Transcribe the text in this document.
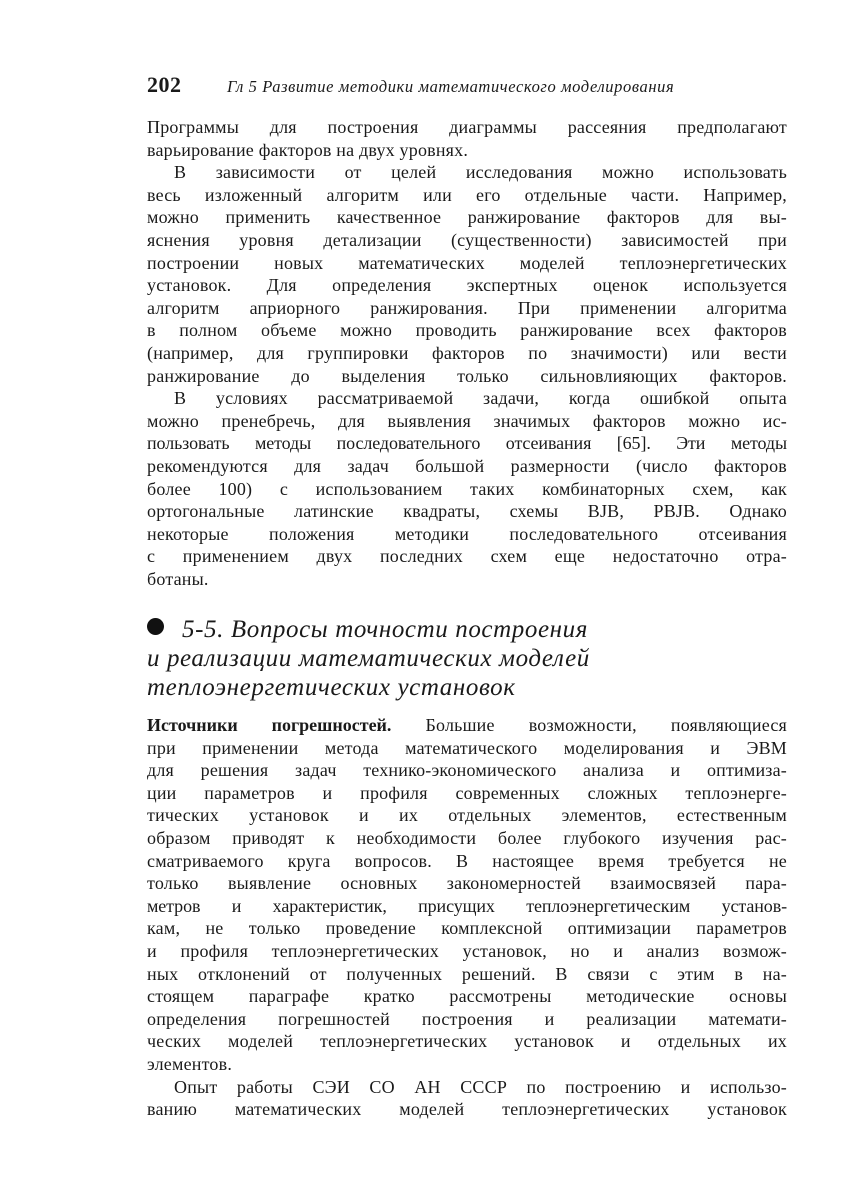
202	Гл 5 Развитие методики математического моделирования
Программы для построения диаграммы рассеяния предполагают
варьирование факторов на двух уровнях.
В зависимости от целей исследования можно использовать
весь изложенный алгоритм или его отдельные части. Например,
можно применить качественное ранжирование факторов для вы-
яснения уровня детализации (существенности) зависимостей при
построении новых математических моделей теплоэнергетических
установок. Для определения экспертных оценок используется
алгоритм априорного ранжирования. При применении алгоритма
в полном объеме можно проводить ранжирование всех факторов
(например, для группировки факторов по значимости) или вести
ранжирование до выделения только сильновлияющих факторов.
В условиях рассматриваемой задачи, когда ошибкой опыта
можно пренебречь, для выявления значимых факторов можно ис-
пользовать методы последовательного отсеивания [65]. Эти методы
рекомендуются для задач большой размерности (число факторов
более 100) с использованием таких комбинаторных схем, как
ортогональные латинские квадраты, схемы BJB, PBJB. Однако
некоторые положения методики последовательного отсеивания
с применением двух последних схем еще недостаточно отра-
ботаны.
5-5. Вопросы точности построения
и реализации математических моделей
теплоэнергетических установок
Источники погрешностей. Большие возможности, появляющиеся
при применении метода математического моделирования и ЭВМ
для решения задач технико-экономического анализа и оптимиза-
ции параметров и профиля современных сложных теплоэнерге-
тических установок и их отдельных элементов, естественным
образом приводят к необходимости более глубокого изучения рас-
сматриваемого круга вопросов. В настоящее время требуется не
только выявление основных закономерностей взаимосвязей пара-
метров и характеристик, присущих теплоэнергетическим установ-
кам, не только проведение комплексной оптимизации параметров
и профиля теплоэнергетических установок, но и анализ возмож-
ных отклонений от полученных решений. В связи с этим в на-
стоящем параграфе кратко рассмотрены методические основы
определения погрешностей построения и реализации математи-
ческих моделей теплоэнергетических установок и отдельных их
элементов.
Опыт работы СЭИ СО АН СССР по построению и использо-
ванию математических моделей теплоэнергетических установок
